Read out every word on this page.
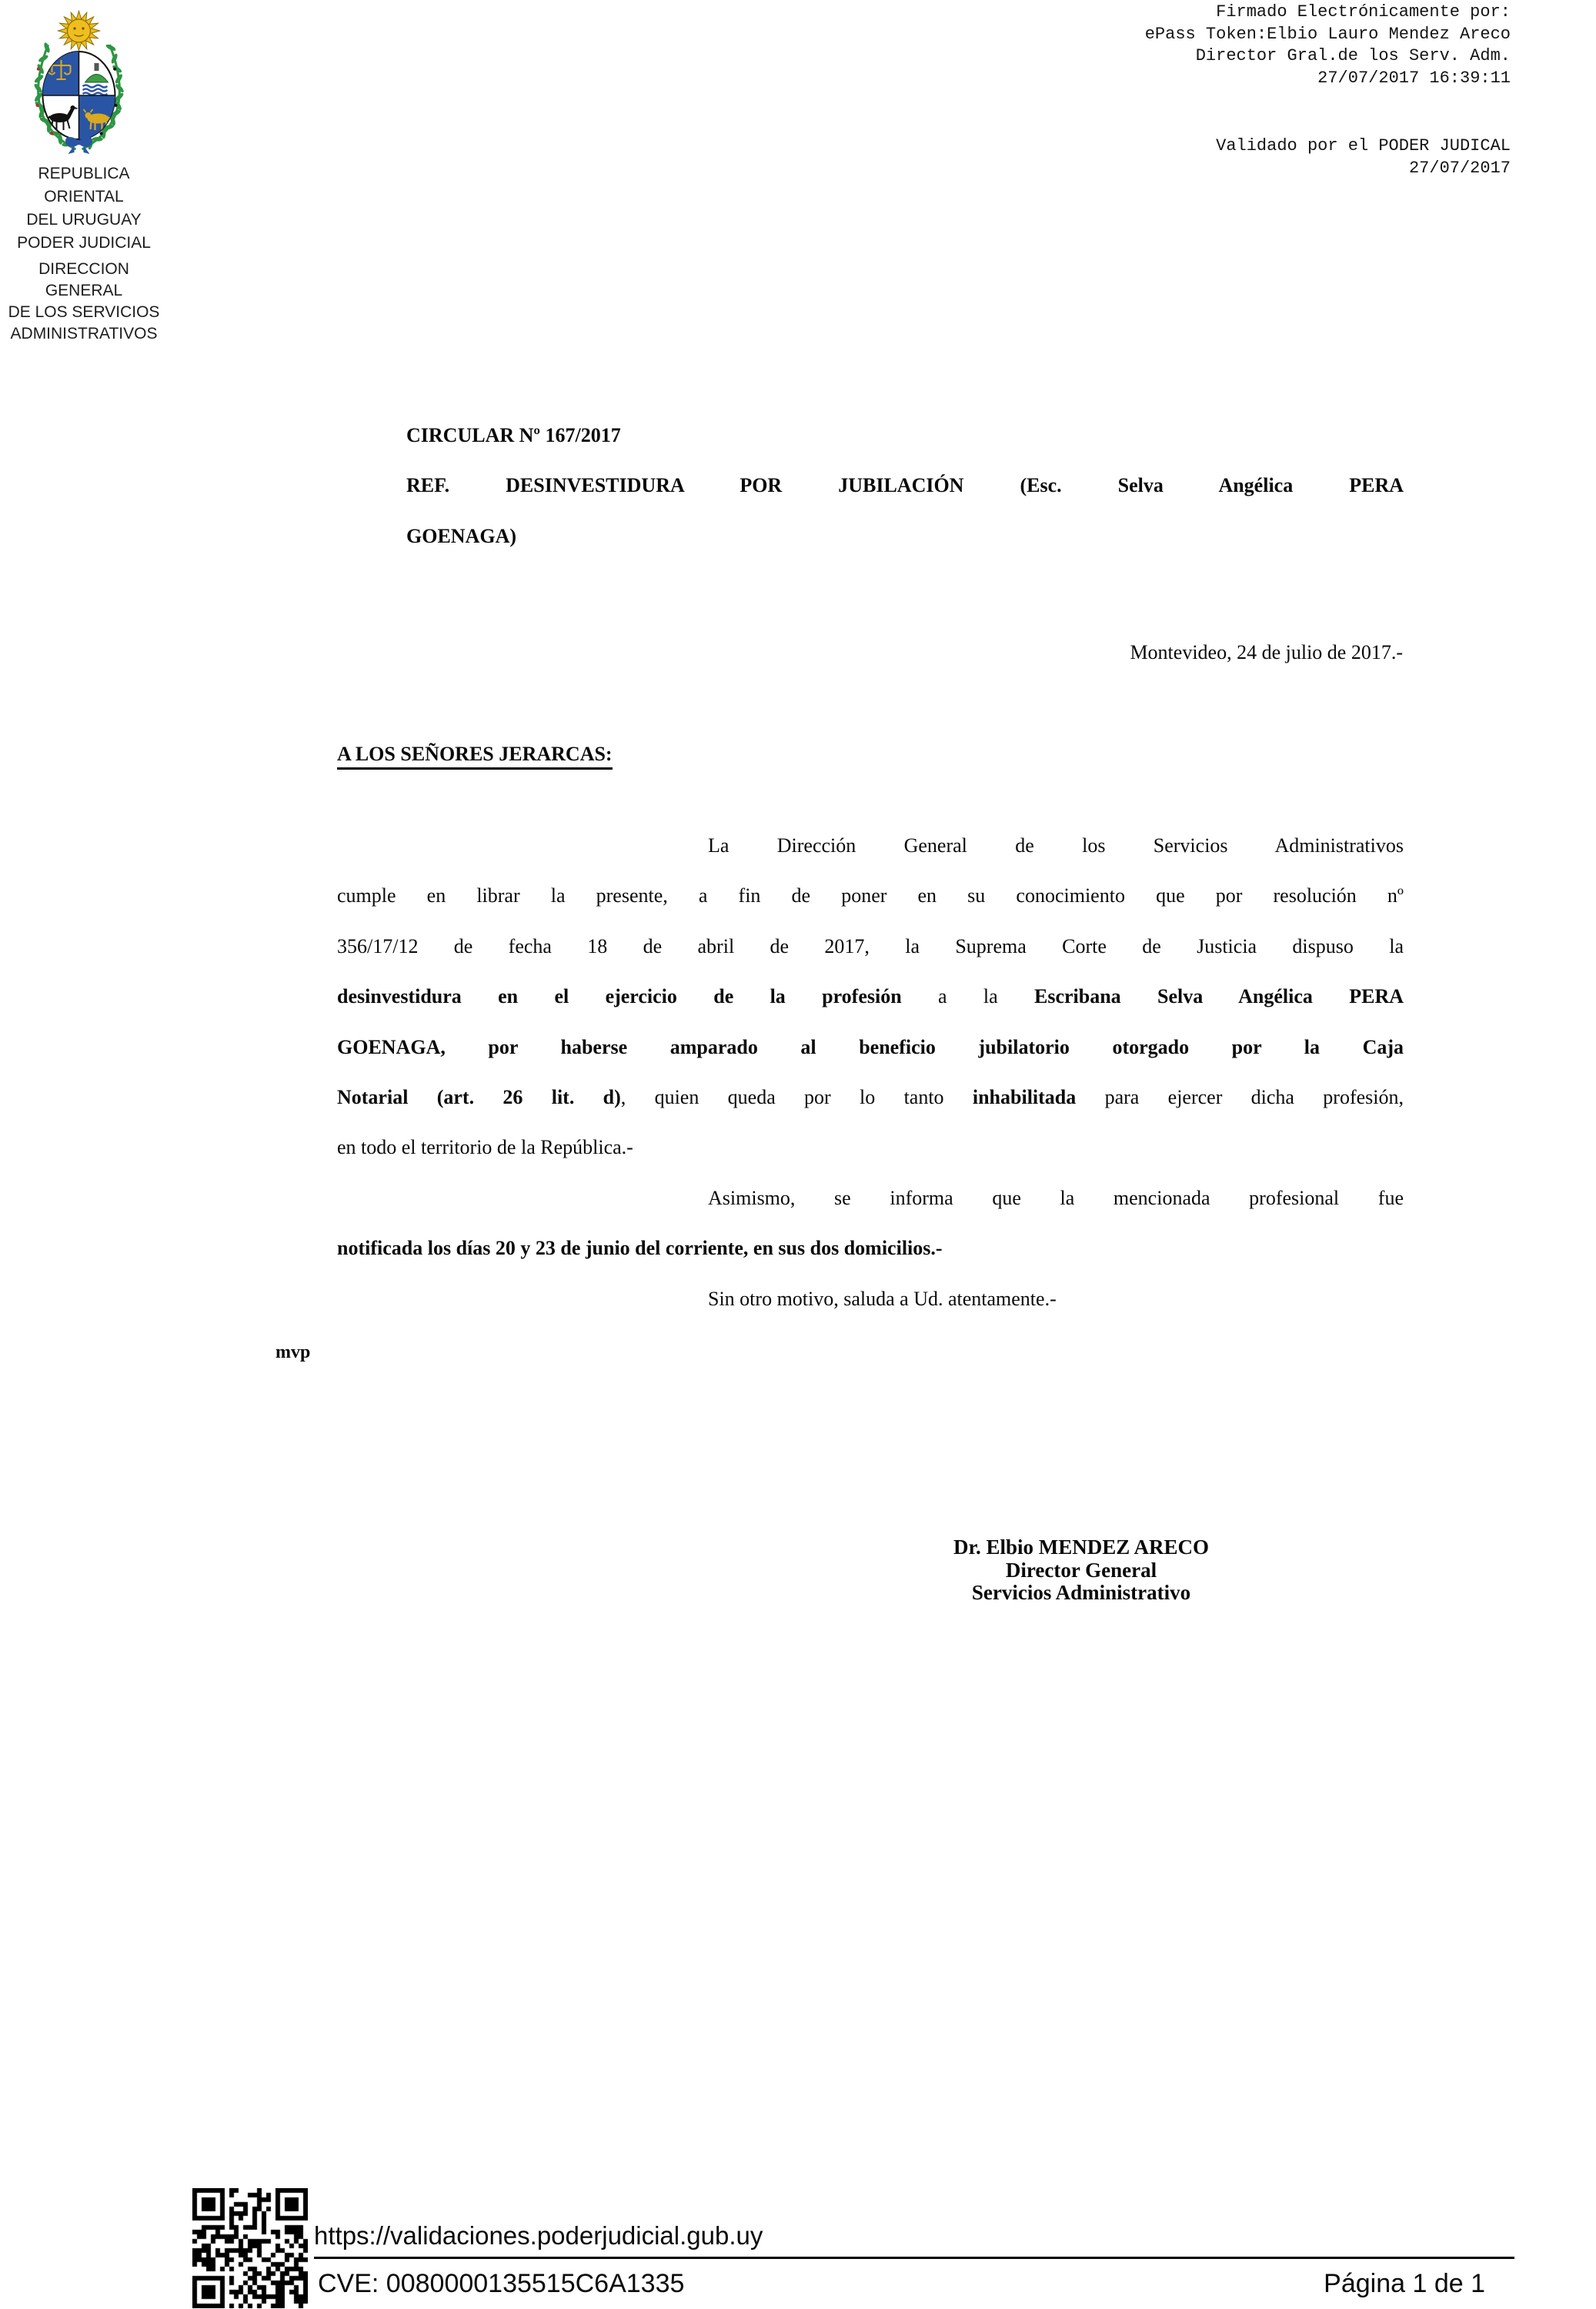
REPUBLICA ORIENTAL
DEL URUGUAY
PODER JUDICIAL
DIRECCION GENERAL
DE LOS SERVICIOS
ADMINISTRATIVOS
Firmado Electrónicamente por:
ePass Token:Elbio Lauro Mendez Areco
Director Gral.de los Serv. Adm.
27/07/2017 16:39:11
Validado por el PODER JUDICAL
27/07/2017
CIRCULAR Nº 167/2017
REF. DESINVESTIDURA POR JUBILACIÓN (Esc. Selva Angélica PERA
GOENAGA)
Montevideo, 24 de julio de 2017.-
A LOS SEÑORES JERARCAS:
La Dirección General de los Servicios Administrativos
cumple en librar la presente, a fin de poner en su conocimiento que por resolución nº
356/17/12 de fecha 18 de abril de 2017, la Suprema Corte de Justicia dispuso la
desinvestidura en el ejercicio de la profesión a la Escribana Selva Angélica PERA
GOENAGA, por haberse amparado al beneficio jubilatorio otorgado por la Caja
Notarial (art. 26 lit. d), quien queda por lo tanto inhabilitada para ejercer dicha profesión,
en todo el territorio de la República.-
Asimismo, se informa que la mencionada profesional fue
notificada los días 20 y 23 de junio del corriente, en sus dos domicilios.-
Sin otro motivo, saluda a Ud. atentamente.-
mvp
Dr. Elbio MENDEZ ARECO
Director General
Servicios Administrativo
https://validaciones.poderjudicial.gub.uy
CVE: 0080000135515C6A1335	Página 1 de 1
